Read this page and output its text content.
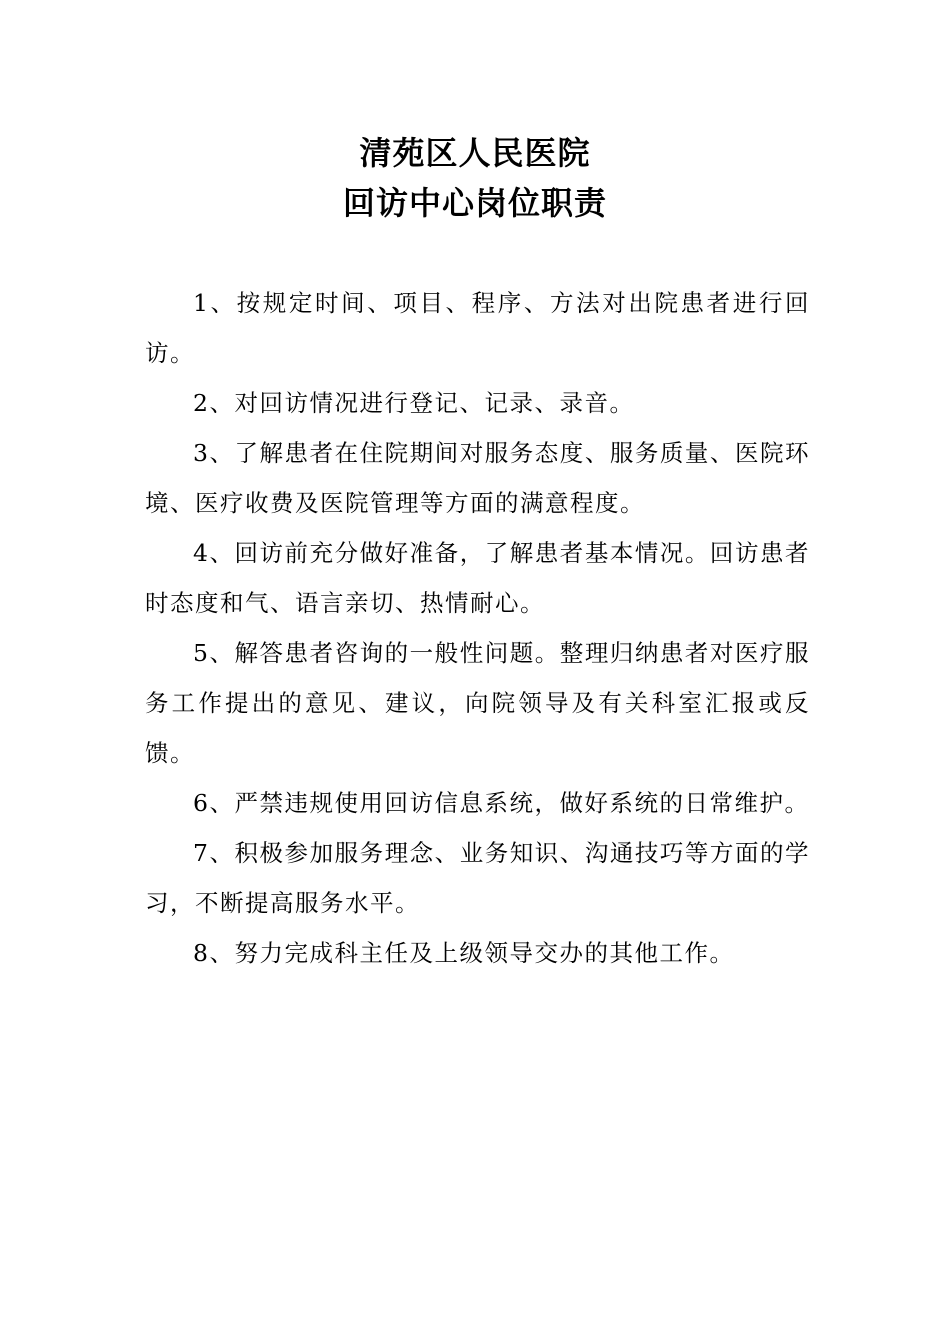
清苑区人民医院
回访中心岗位职责

1、按规定时间、项目、程序、方法对出院患者进行回访。

2、对回访情况进行登记、记录、录音。

3、了解患者在住院期间对服务态度、服务质量、医院环境、医疗收费及医院管理等方面的满意程度。

4、回访前充分做好准备，了解患者基本情况。回访患者时态度和气、语言亲切、热情耐心。

5、解答患者咨询的一般性问题。整理归纳患者对医疗服务工作提出的意见、建议，向院领导及有关科室汇报或反馈。

6、严禁违规使用回访信息系统，做好系统的日常维护。

7、积极参加服务理念、业务知识、沟通技巧等方面的学习，不断提高服务水平。

8、努力完成科主任及上级领导交办的其他工作。
